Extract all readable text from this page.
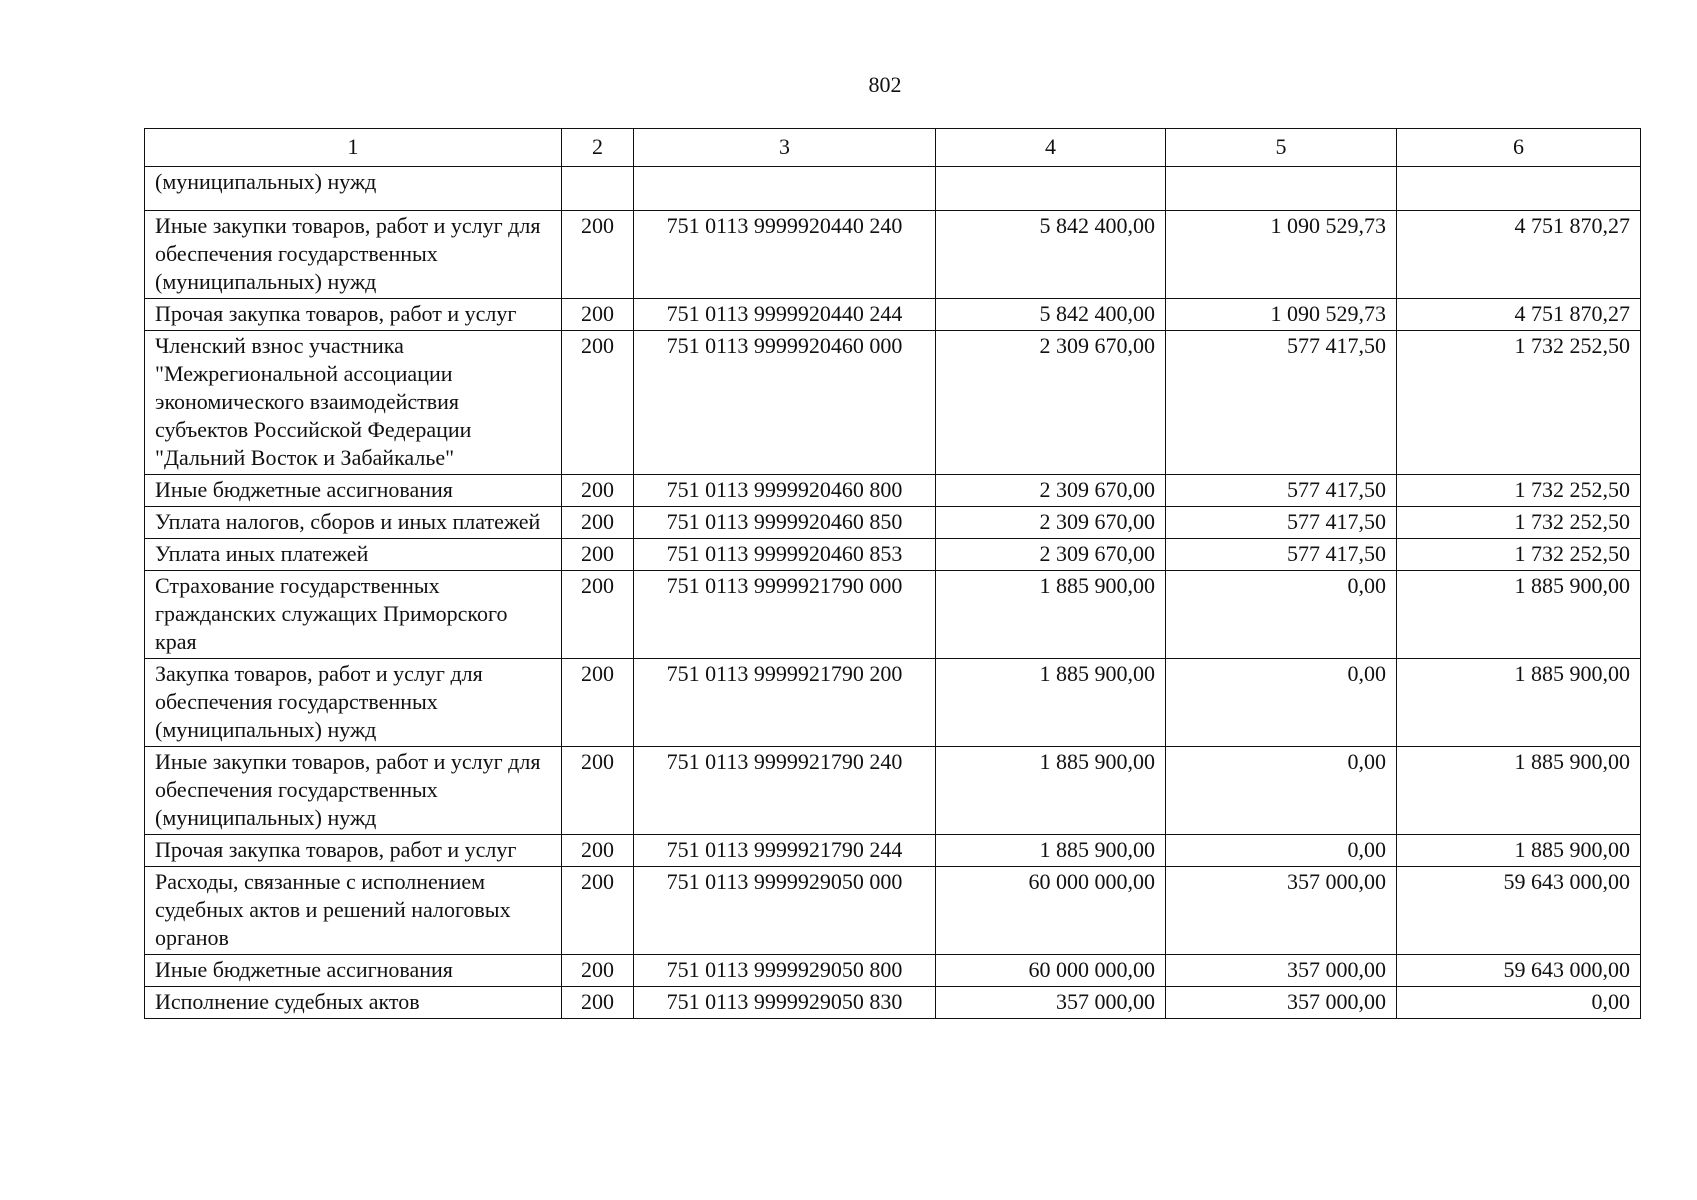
802
1	2	3	4	5	6
(муниципальных) нужд					
Иные закупки товаров, работ и услуг для обеспечения государственных (муниципальных) нужд	200	751 0113 9999920440 240	5 842 400,00	1 090 529,73	4 751 870,27
Прочая закупка товаров, работ и услуг	200	751 0113 9999920440 244	5 842 400,00	1 090 529,73	4 751 870,27
Членский взнос участника "Межрегиональной ассоциации экономического взаимодействия субъектов Российской Федерации "Дальний Восток и Забайкалье"	200	751 0113 9999920460 000	2 309 670,00	577 417,50	1 732 252,50
Иные бюджетные ассигнования	200	751 0113 9999920460 800	2 309 670,00	577 417,50	1 732 252,50
Уплата налогов, сборов и иных платежей	200	751 0113 9999920460 850	2 309 670,00	577 417,50	1 732 252,50
Уплата иных платежей	200	751 0113 9999920460 853	2 309 670,00	577 417,50	1 732 252,50
Страхование государственных гражданских служащих Приморского края	200	751 0113 9999921790 000	1 885 900,00	0,00	1 885 900,00
Закупка товаров, работ и услуг для обеспечения государственных (муниципальных) нужд	200	751 0113 9999921790 200	1 885 900,00	0,00	1 885 900,00
Иные закупки товаров, работ и услуг для обеспечения государственных (муниципальных) нужд	200	751 0113 9999921790 240	1 885 900,00	0,00	1 885 900,00
Прочая закупка товаров, работ и услуг	200	751 0113 9999921790 244	1 885 900,00	0,00	1 885 900,00
Расходы, связанные с исполнением судебных актов и решений налоговых органов	200	751 0113 9999929050 000	60 000 000,00	357 000,00	59 643 000,00
Иные бюджетные ассигнования	200	751 0113 9999929050 800	60 000 000,00	357 000,00	59 643 000,00
Исполнение судебных актов	200	751 0113 9999929050 830	357 000,00	357 000,00	0,00
